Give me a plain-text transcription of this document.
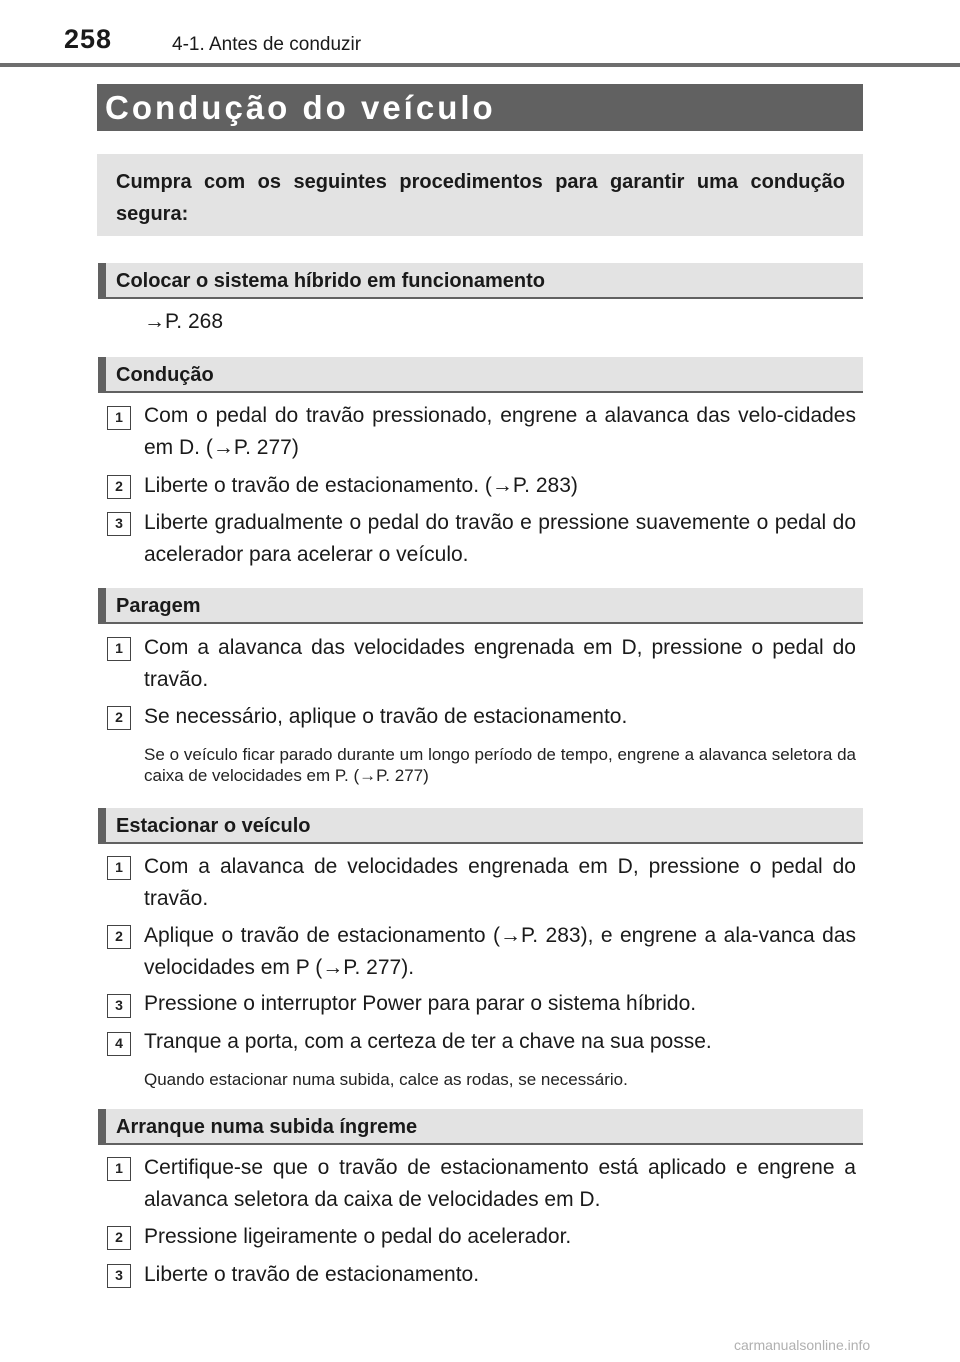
258	4-1. Antes de conduzir
Condução do veículo
Cumpra com os seguintes procedimentos para garantir uma condução segura:
Colocar o sistema híbrido em funcionamento
→P. 268
Condução
1	Com o pedal do travão pressionado, engrene a alavanca das velo-cidades em D. (→P. 277)
2	Liberte o travão de estacionamento. (→P. 283)
3	Liberte gradualmente o pedal do travão e pressione suavemente o pedal do acelerador para acelerar o veículo.
Paragem
1	Com a alavanca das velocidades engrenada em D, pressione o pedal do travão.
2	Se necessário, aplique o travão de estacionamento.
Se o veículo ficar parado durante um longo período de tempo, engrene a alavanca seletora da caixa de velocidades em P. (→P. 277)
Estacionar o veículo
1	Com a alavanca de velocidades engrenada em D, pressione o pedal do travão.
2	Aplique o travão de estacionamento (→P. 283), e engrene a ala-vanca das velocidades em P (→P. 277).
3	Pressione o interruptor Power para parar o sistema híbrido.
4	Tranque a porta, com a certeza de ter a chave na sua posse.
Quando estacionar numa subida, calce as rodas, se necessário.
Arranque numa subida íngreme
1	Certifique-se que o travão de estacionamento está aplicado e engrene a alavanca seletora da caixa de velocidades em D.
2	Pressione ligeiramente o pedal do acelerador.
3	Liberte o travão de estacionamento.
carmanualsonline.info
